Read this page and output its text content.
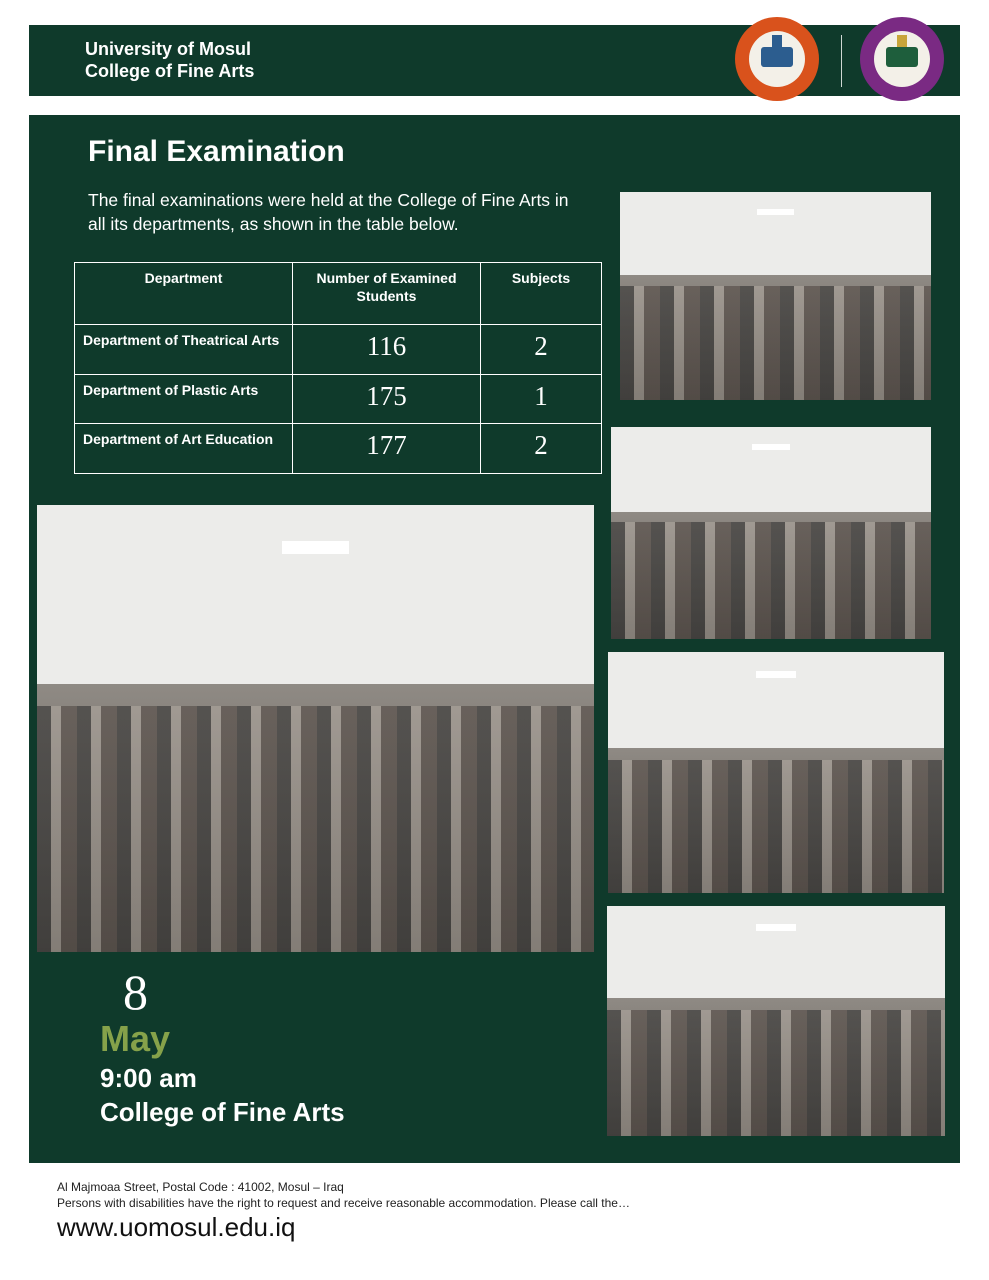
University of Mosul
College of Fine Arts
Final Examination
The final examinations were held at the College of Fine Arts in all its departments, as shown in the table below.
Department	Number of Examined Students	Subjects
Department of Theatrical Arts	116	2
Department of Plastic Arts	175	1
Department of Art Education	177	2
8
May
9:00 am
College of Fine Arts
Al Majmoaa Street, Postal Code : 41002, Mosul – Iraq
Persons with disabilities have the right to request and receive reasonable accommodation. Please call the…
www.uomosul.edu.iq
